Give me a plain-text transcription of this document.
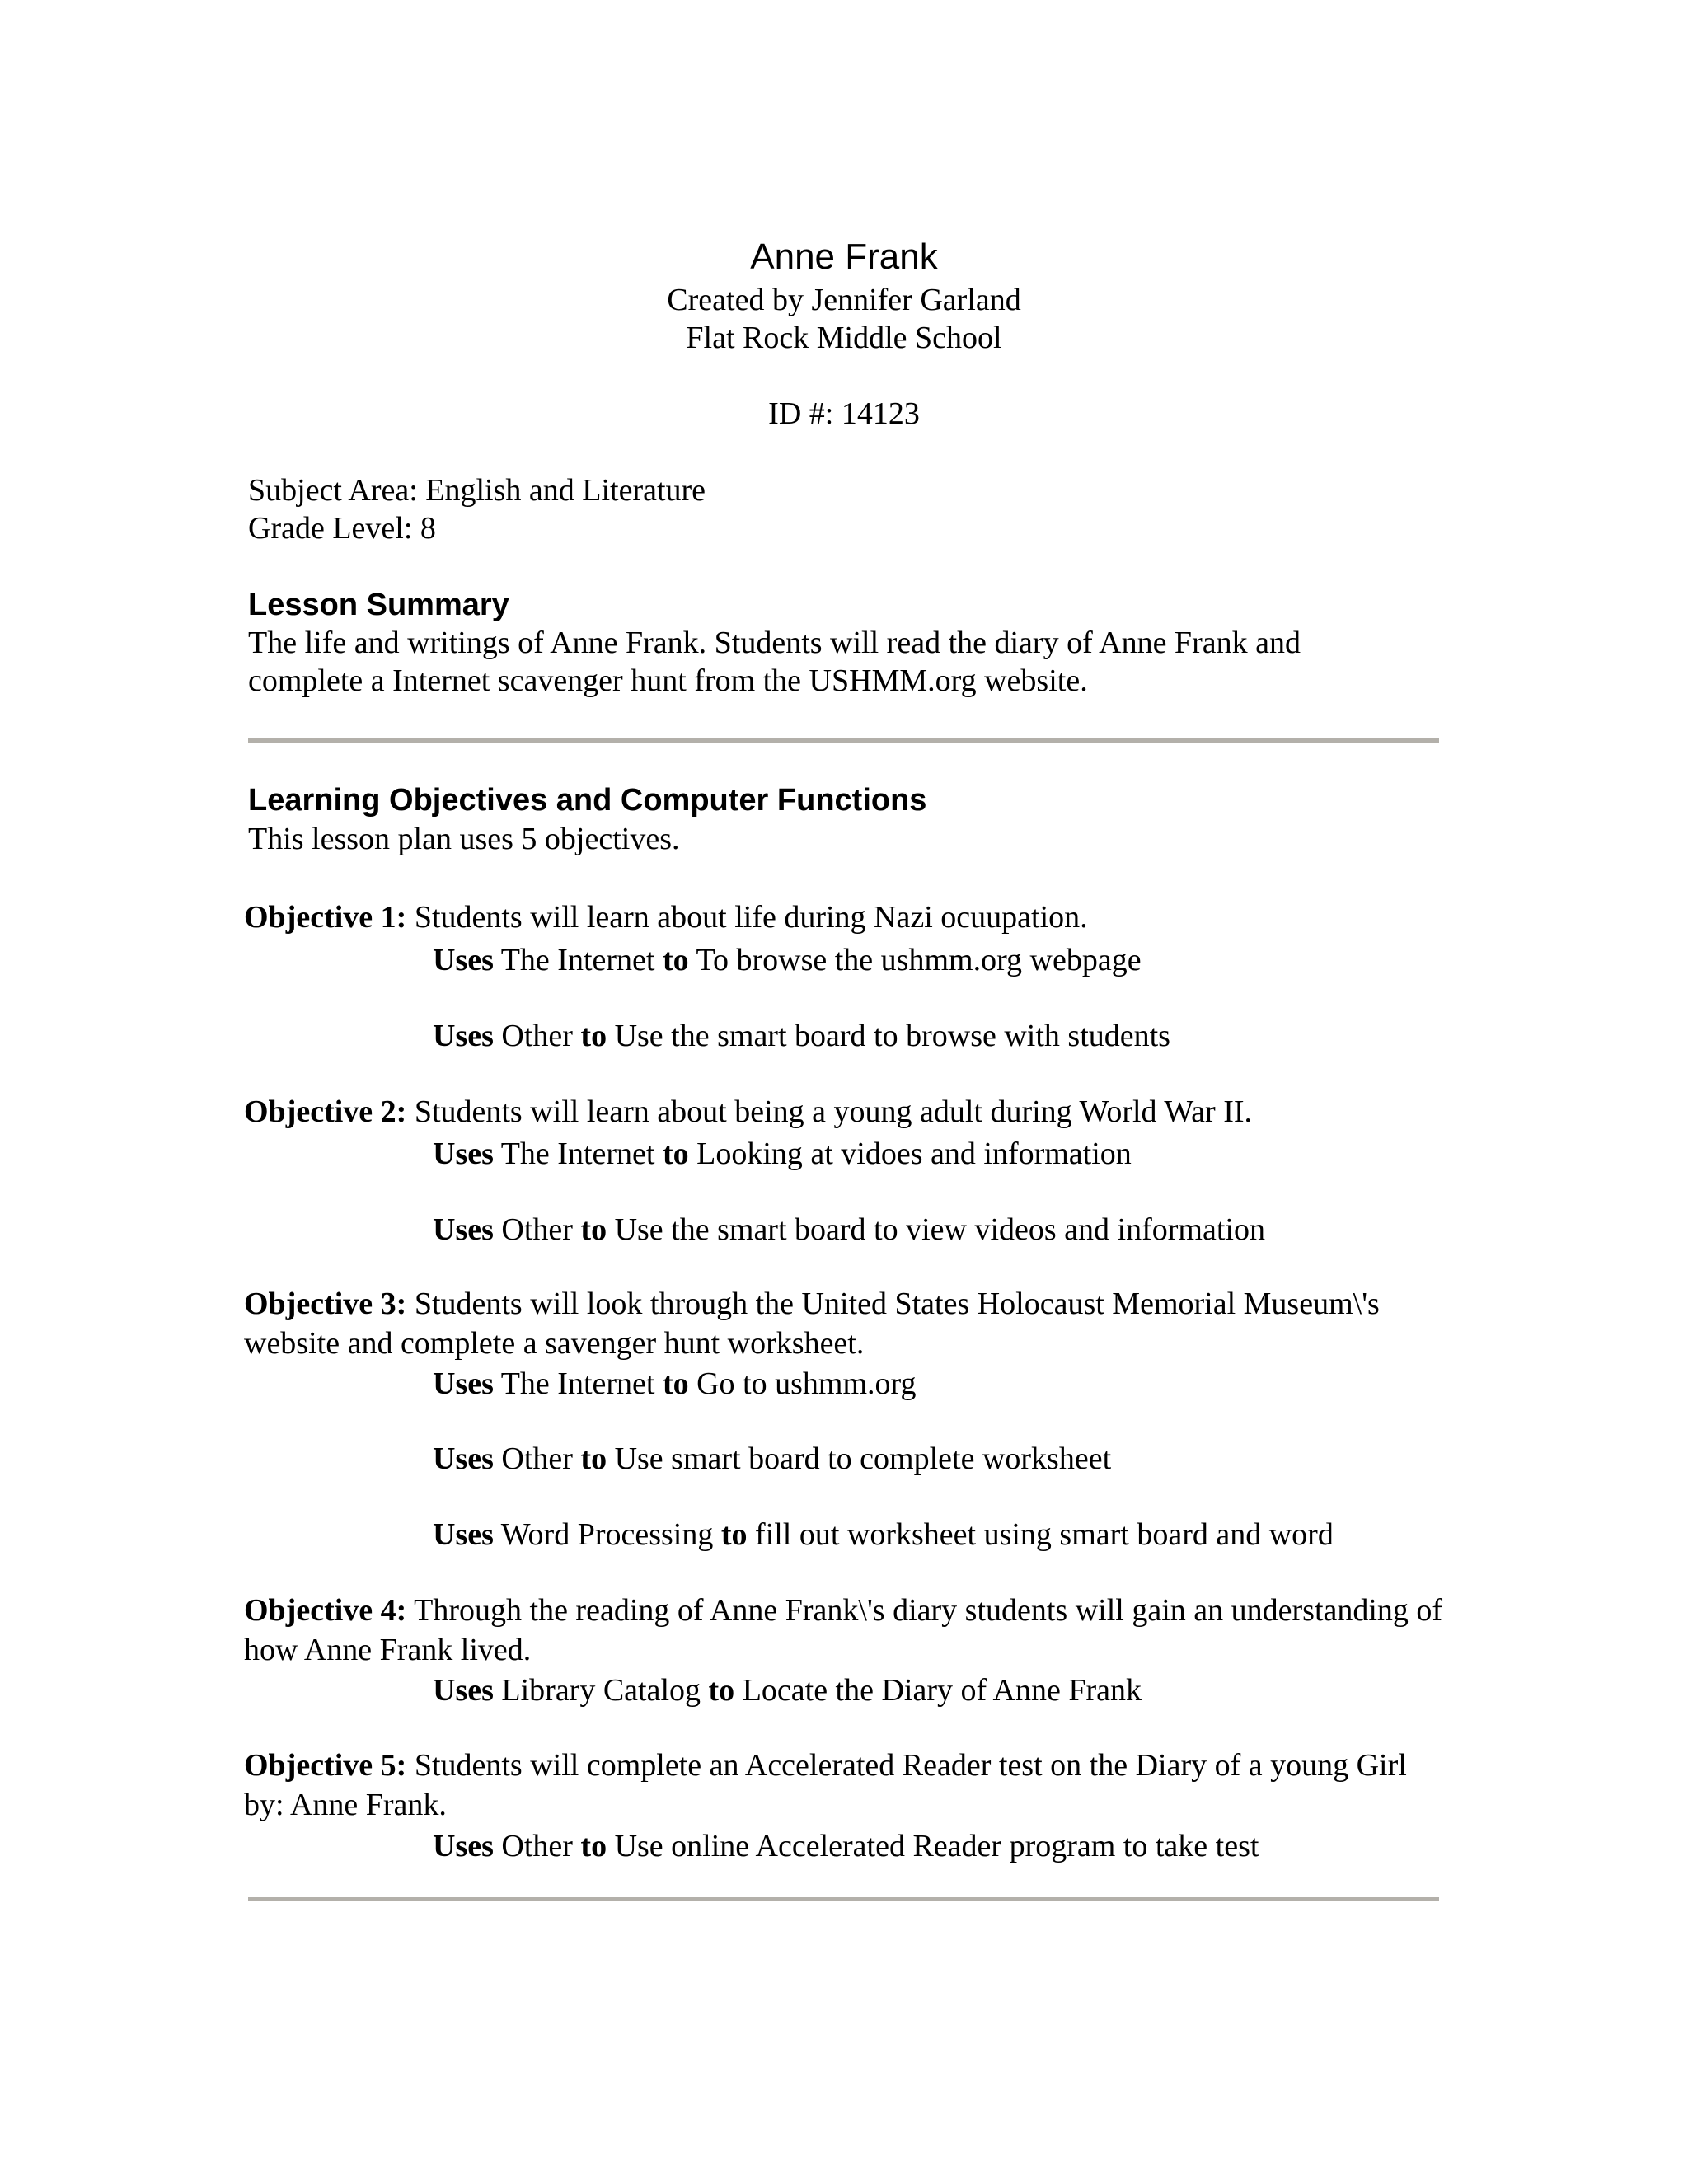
Anne Frank
Created by Jennifer Garland
Flat Rock Middle School
ID #: 14123
Subject Area: English and Literature
Grade Level: 8
Lesson Summary
The life and writings of Anne Frank. Students will read the diary of Anne Frank and
complete a Internet scavenger hunt from the USHMM.org website.
Learning Objectives and Computer Functions
This lesson plan uses 5 objectives.
Objective 1: Students will learn about life during Nazi ocuupation.
Uses The Internet to To browse the ushmm.org webpage
Uses Other to Use the smart board to browse with students
Objective 2: Students will learn about being a young adult during World War II.
Uses The Internet to Looking at vidoes and information
Uses Other to Use the smart board to view videos and information
Objective 3: Students will look through the United States Holocaust Memorial Museum\'s website and complete a savenger hunt worksheet.
Uses The Internet to Go to ushmm.org
Uses Other to Use smart board to complete worksheet
Uses Word Processing to fill out worksheet using smart board and word
Objective 4: Through the reading of Anne Frank\'s diary students will gain an understanding of how Anne Frank lived.
Uses Library Catalog to Locate the Diary of Anne Frank
Objective 5: Students will complete an Accelerated Reader test on the Diary of a young Girl by: Anne Frank.
Uses Other to Use online Accelerated Reader program to take test
